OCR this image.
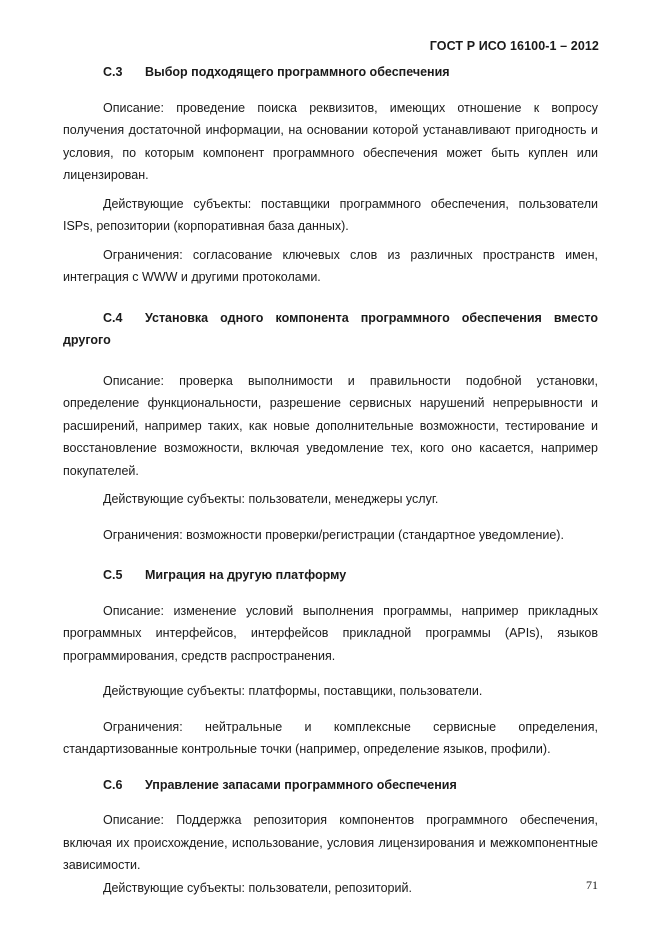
ГОСТ Р ИСО 16100-1 – 2012
C.3 Выбор подходящего программного обеспечения

Описание: проведение поиска реквизитов, имеющих отношение к вопросу получения достаточной информации, на основании которой устанавливают пригодность и условия, по которым компонент программного обеспечения может быть куплен или лицензирован.

Действующие субъекты: поставщики программного обеспечения, пользователи ISPs, репозитории (корпоративная база данных).

Ограничения: согласование ключевых слов из различных пространств имен, интеграция с WWW и другими протоколами.

C.4 Установка одного компонента программного обеспечения вместо другого

Описание: проверка выполнимости и правильности подобной установки, определение функциональности, разрешение сервисных нарушений непрерывности и расширений, например таких, как новые дополнительные возможности, тестирование и восстановление возможности, включая уведомление тех, кого оно касается, например покупателей.

Действующие субъекты: пользователи, менеджеры услуг.

Ограничения: возможности проверки/регистрации (стандартное уведомление).

C.5 Миграция на другую платформу

Описание: изменение условий выполнения программы, например прикладных программных интерфейсов, интерфейсов прикладной программы (APIs), языков программирования, средств распространения.

Действующие субъекты: платформы, поставщики, пользователи.

Ограничения: нейтральные и комплексные сервисные определения, стандартизованные контрольные точки (например, определение языков, профили).

C.6 Управление запасами программного обеспечения

Описание: Поддержка репозитория компонентов программного обеспечения, включая их происхождение, использование, условия лицензирования и межкомпонентные зависимости.

Действующие субъекты: пользователи, репозиторий.	71
